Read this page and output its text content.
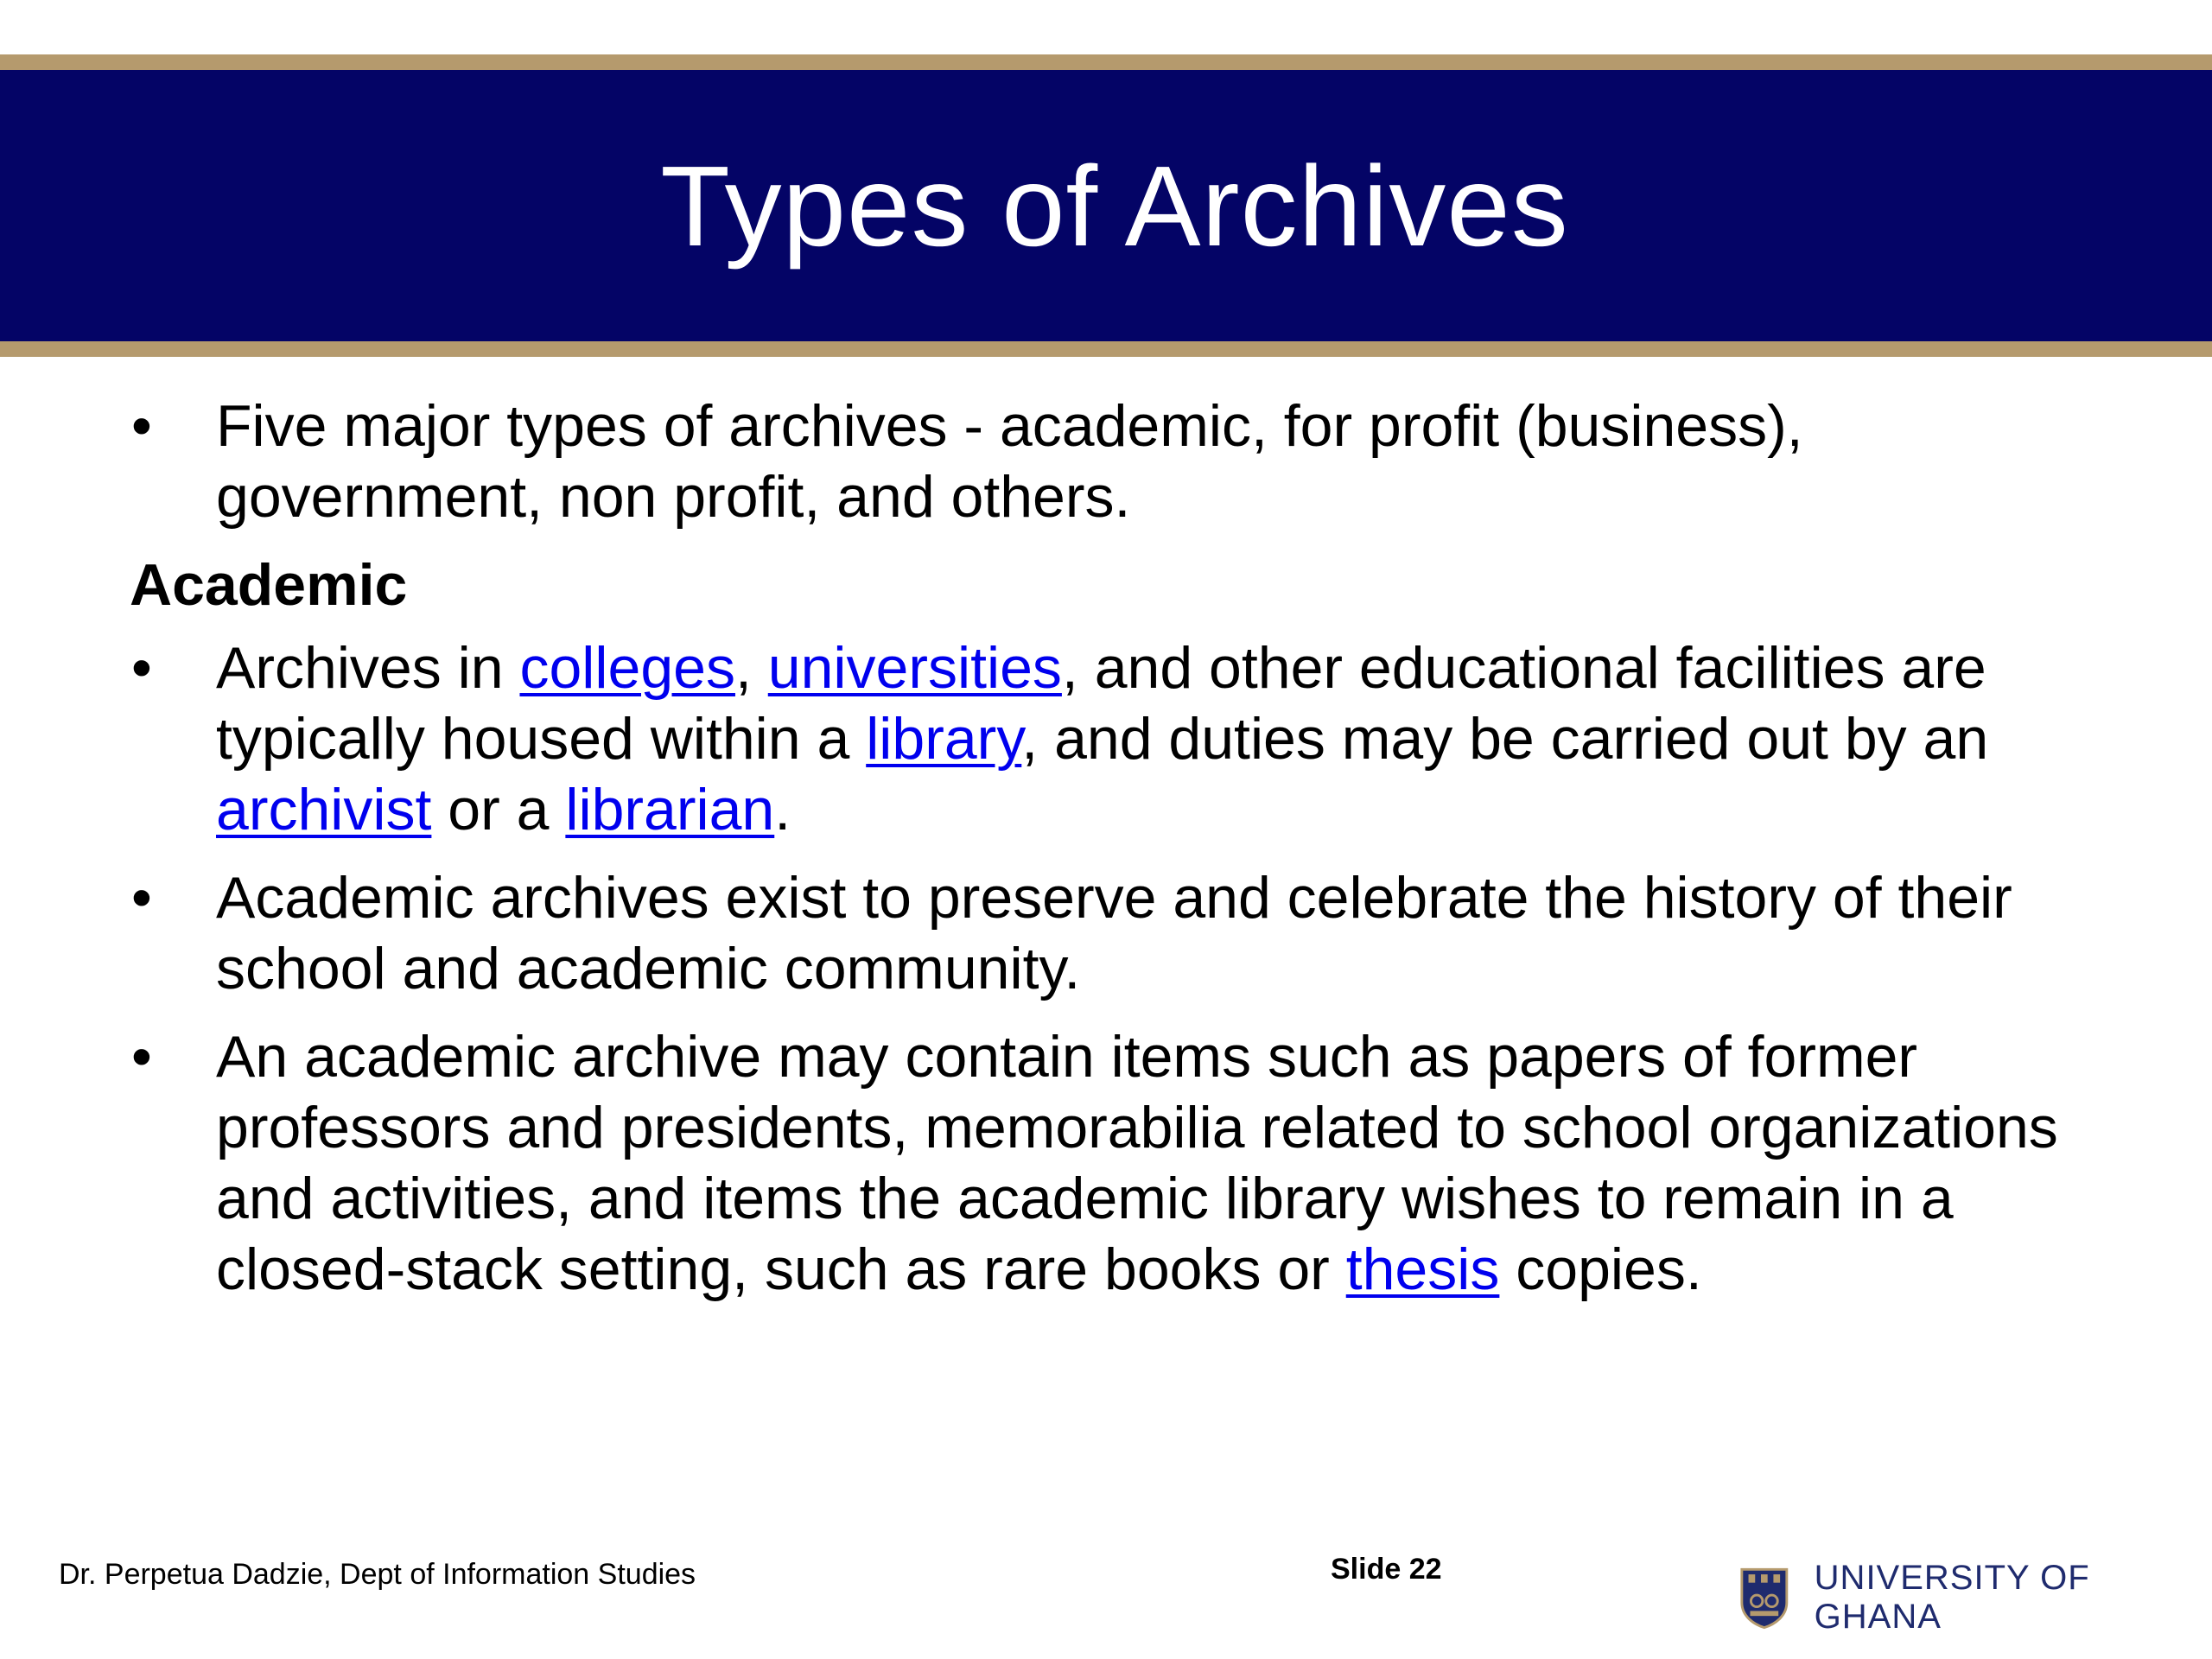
Types of Archives
•	Five major types of archives - academic, for profit (business), government, non profit, and others.
Academic
•	Archives in colleges, universities, and other educational facilities are typically housed within a library, and duties may be carried out by an archivist or a librarian.
•	Academic archives exist to preserve and celebrate the history of their school and academic community.
•	An academic archive may contain items such as papers of former professors and presidents, memorabilia related to school organizations and activities, and items the academic library wishes to remain in a closed-stack setting, such as rare books or thesis copies.
Dr. Perpetua Dadzie, Dept of Information Studies	Slide 22	UNIVERSITY OF GHANA
